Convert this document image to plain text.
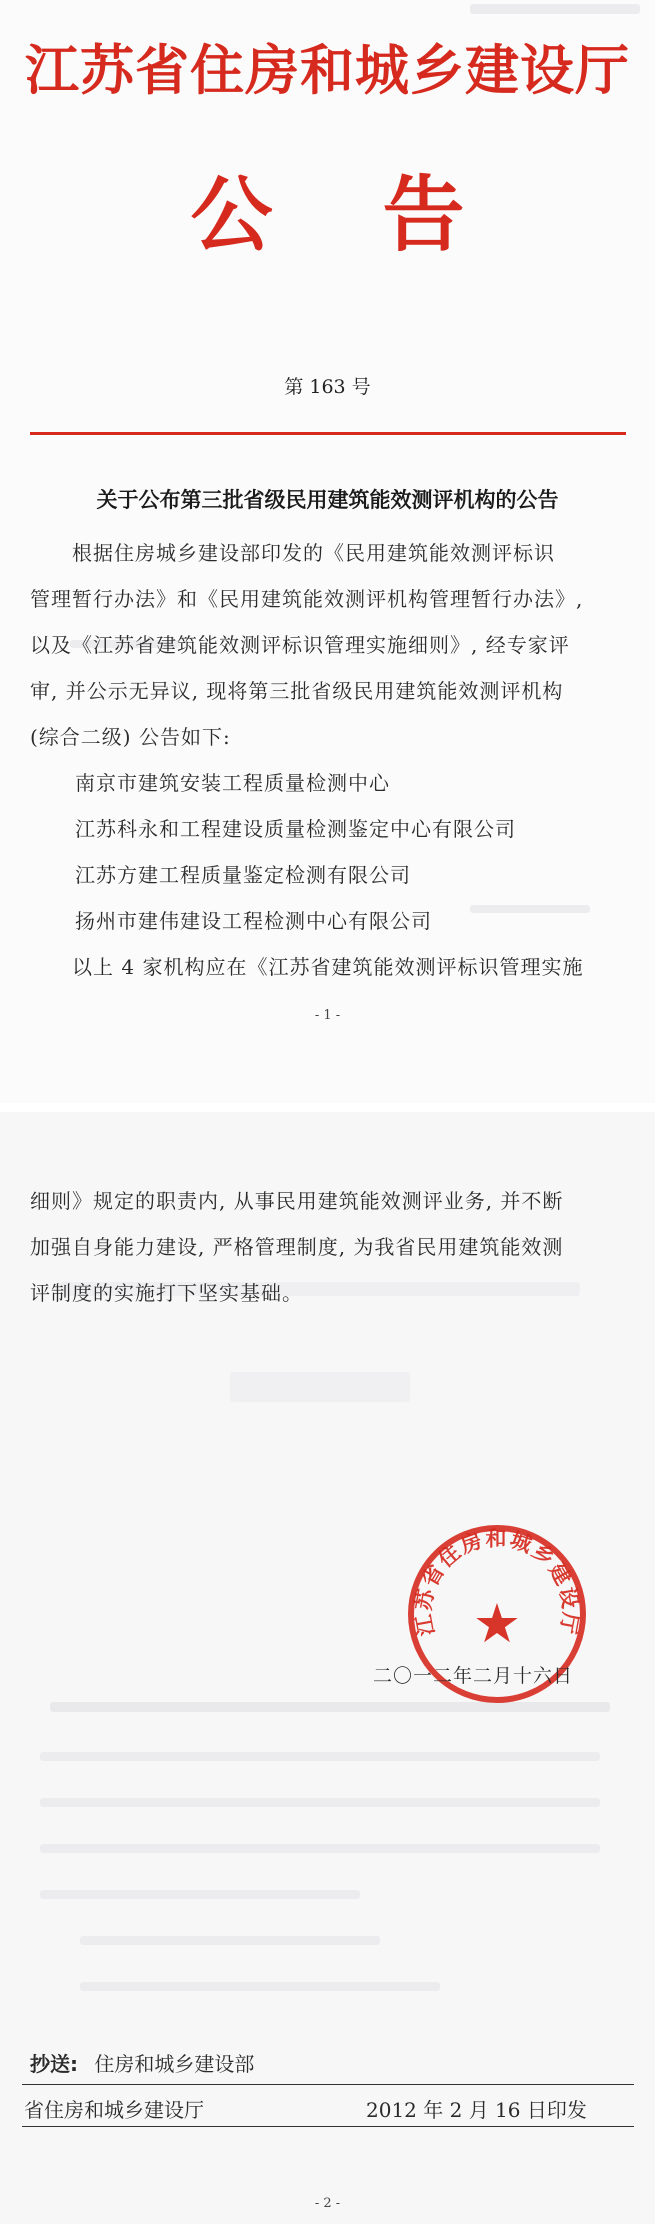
江苏省住房和城乡建设厅
公告
第 163 号
关于公布第三批省级民用建筑能效测评机构的公告
根据住房城乡建设部印发的《民用建筑能效测评标识
管理暂行办法》和《民用建筑能效测评机构管理暂行办法》,
以及《江苏省建筑能效测评标识管理实施细则》, 经专家评
审, 并公示无异议, 现将第三批省级民用建筑能效测评机构
(综合二级) 公告如下:
南京市建筑安装工程质量检测中心
江苏科永和工程建设质量检测鉴定中心有限公司
江苏方建工程质量鉴定检测有限公司
扬州市建伟建设工程检测中心有限公司
以上 4 家机构应在《江苏省建筑能效测评标识管理实施
- 1 -
细则》规定的职责内, 从事民用建筑能效测评业务, 并不断
加强自身能力建设, 严格管理制度, 为我省民用建筑能效测
评制度的实施打下坚实基础。
江苏省住房和城乡建设厅
★
二〇一二年二月十六日
抄送: 住房和城乡建设部
省住房和城乡建设厅	2012 年 2 月 16 日印发
- 2 -
